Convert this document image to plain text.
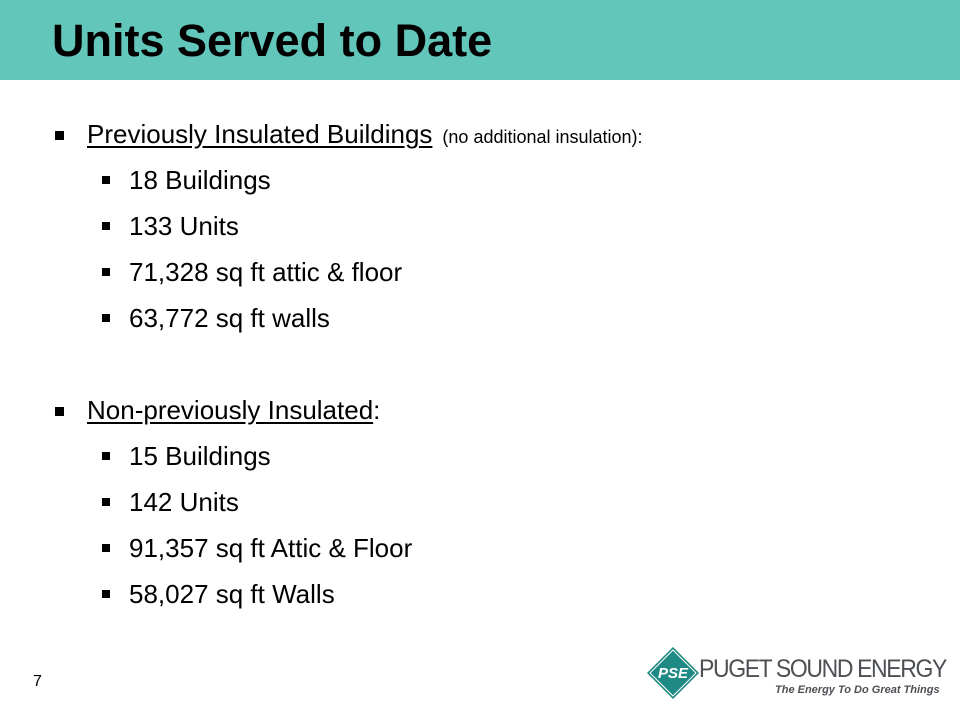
Units Served to Date
Previously Insulated Buildings (no additional insulation):
18 Buildings
133 Units
71,328 sq ft attic & floor
63,772 sq ft walls
Non-previously Insulated:
15 Buildings
142 Units
91,357 sq ft Attic & Floor
58,027 sq ft Walls
7	PSE PUGET SOUND ENERGY
The Energy To Do Great Things
